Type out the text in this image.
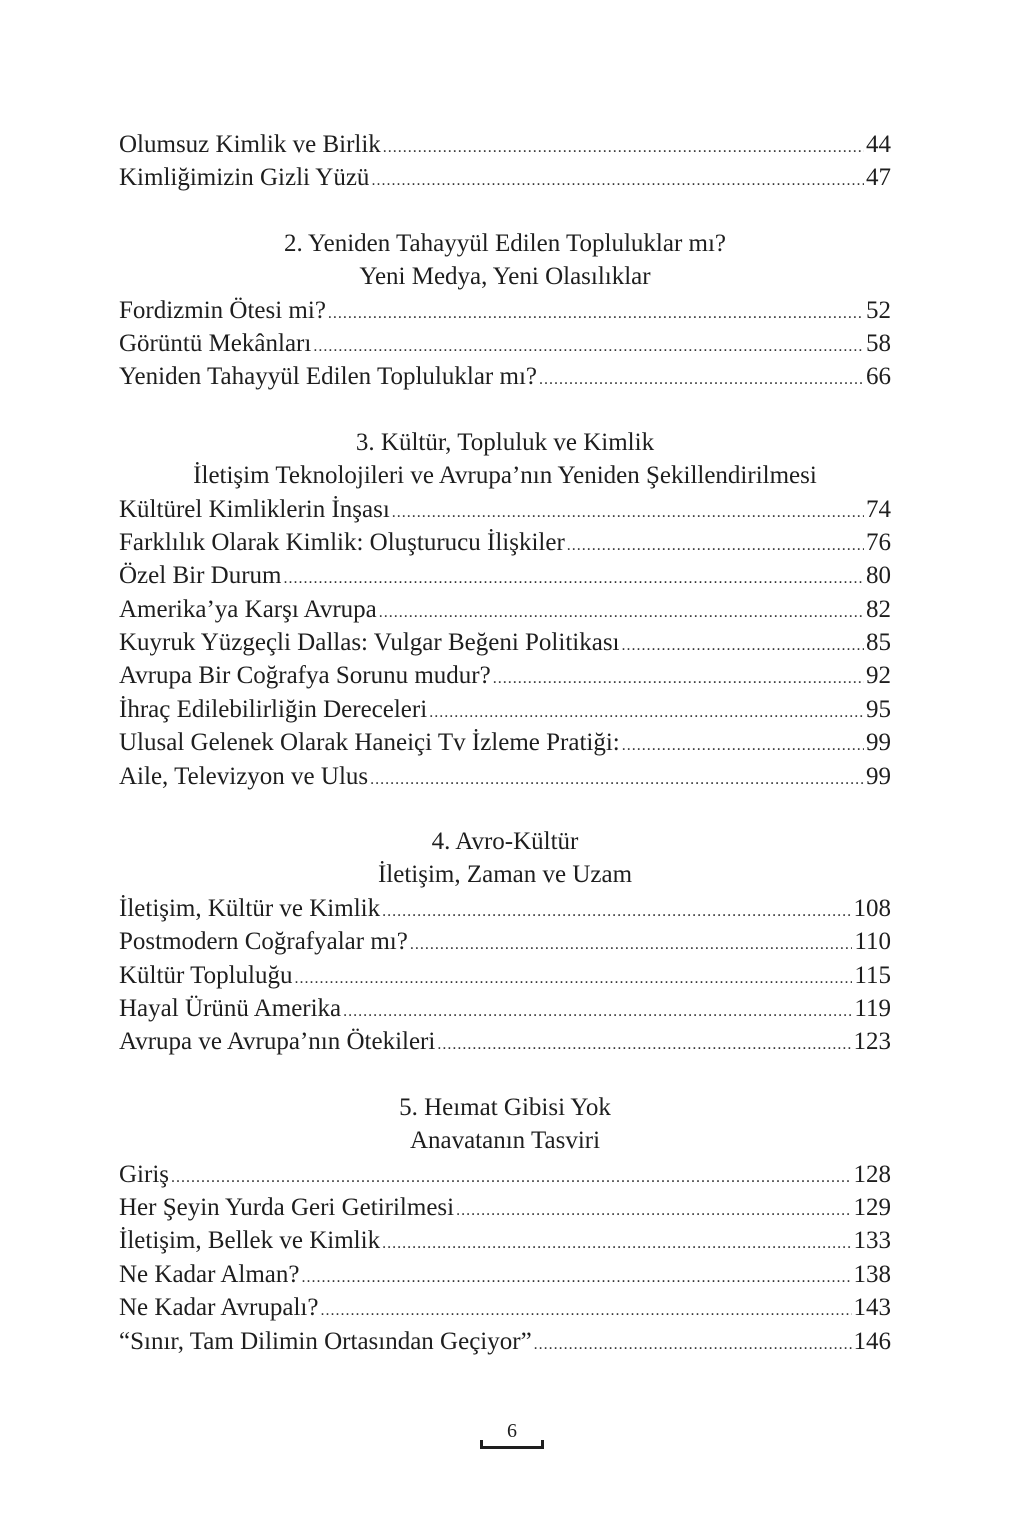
Olumsuz Kimlik ve Birlik .....	44
Kimliğimizin Gizli Yüzü .....	47
2. Yeniden Tahayyül Edilen Topluluklar mı?
Yeni Medya, Yeni Olasılıklar
Fordizmin Ötesi mi? .....	52
Görüntü Mekânları .....	58
Yeniden Tahayyül Edilen Topluluklar mı? .....	66
3. Kültür, Topluluk ve Kimlik
İletişim Teknolojileri ve Avrupa’nın Yeniden Şekillendirilmesi
Kültürel Kimliklerin İnşası .....	74
Farklılık Olarak Kimlik: Oluşturucu İlişkiler .....	76
Özel Bir Durum .....	80
Amerika’ya Karşı Avrupa .....	82
Kuyruk Yüzgeçli Dallas: Vulgar Beğeni Politikası .....	85
Avrupa Bir Coğrafya Sorunu mudur? .....	92
İhraç Edilebilirliğin Dereceleri .....	95
Ulusal Gelenek Olarak Haneiçi Tv İzleme Pratiği: .....	99
Aile, Televizyon ve Ulus .....	99
4. Avro-Kültür
İletişim, Zaman ve Uzam
İletişim, Kültür ve Kimlik .....	108
Postmodern Coğrafyalar mı? .....	110
Kültür Topluluğu .....	115
Hayal Ürünü Amerika .....	119
Avrupa ve Avrupa’nın Ötekileri .....	123
5. Heımat Gibisi Yok
Anavatanın Tasviri
Giriş .....	128
Her Şeyin Yurda Geri Getirilmesi .....	129
İletişim, Bellek ve Kimlik .....	133
Ne Kadar Alman? .....	138
Ne Kadar Avrupalı? .....	143
“Sınır, Tam Dilimin Ortasından Geçiyor” .....	146
6
